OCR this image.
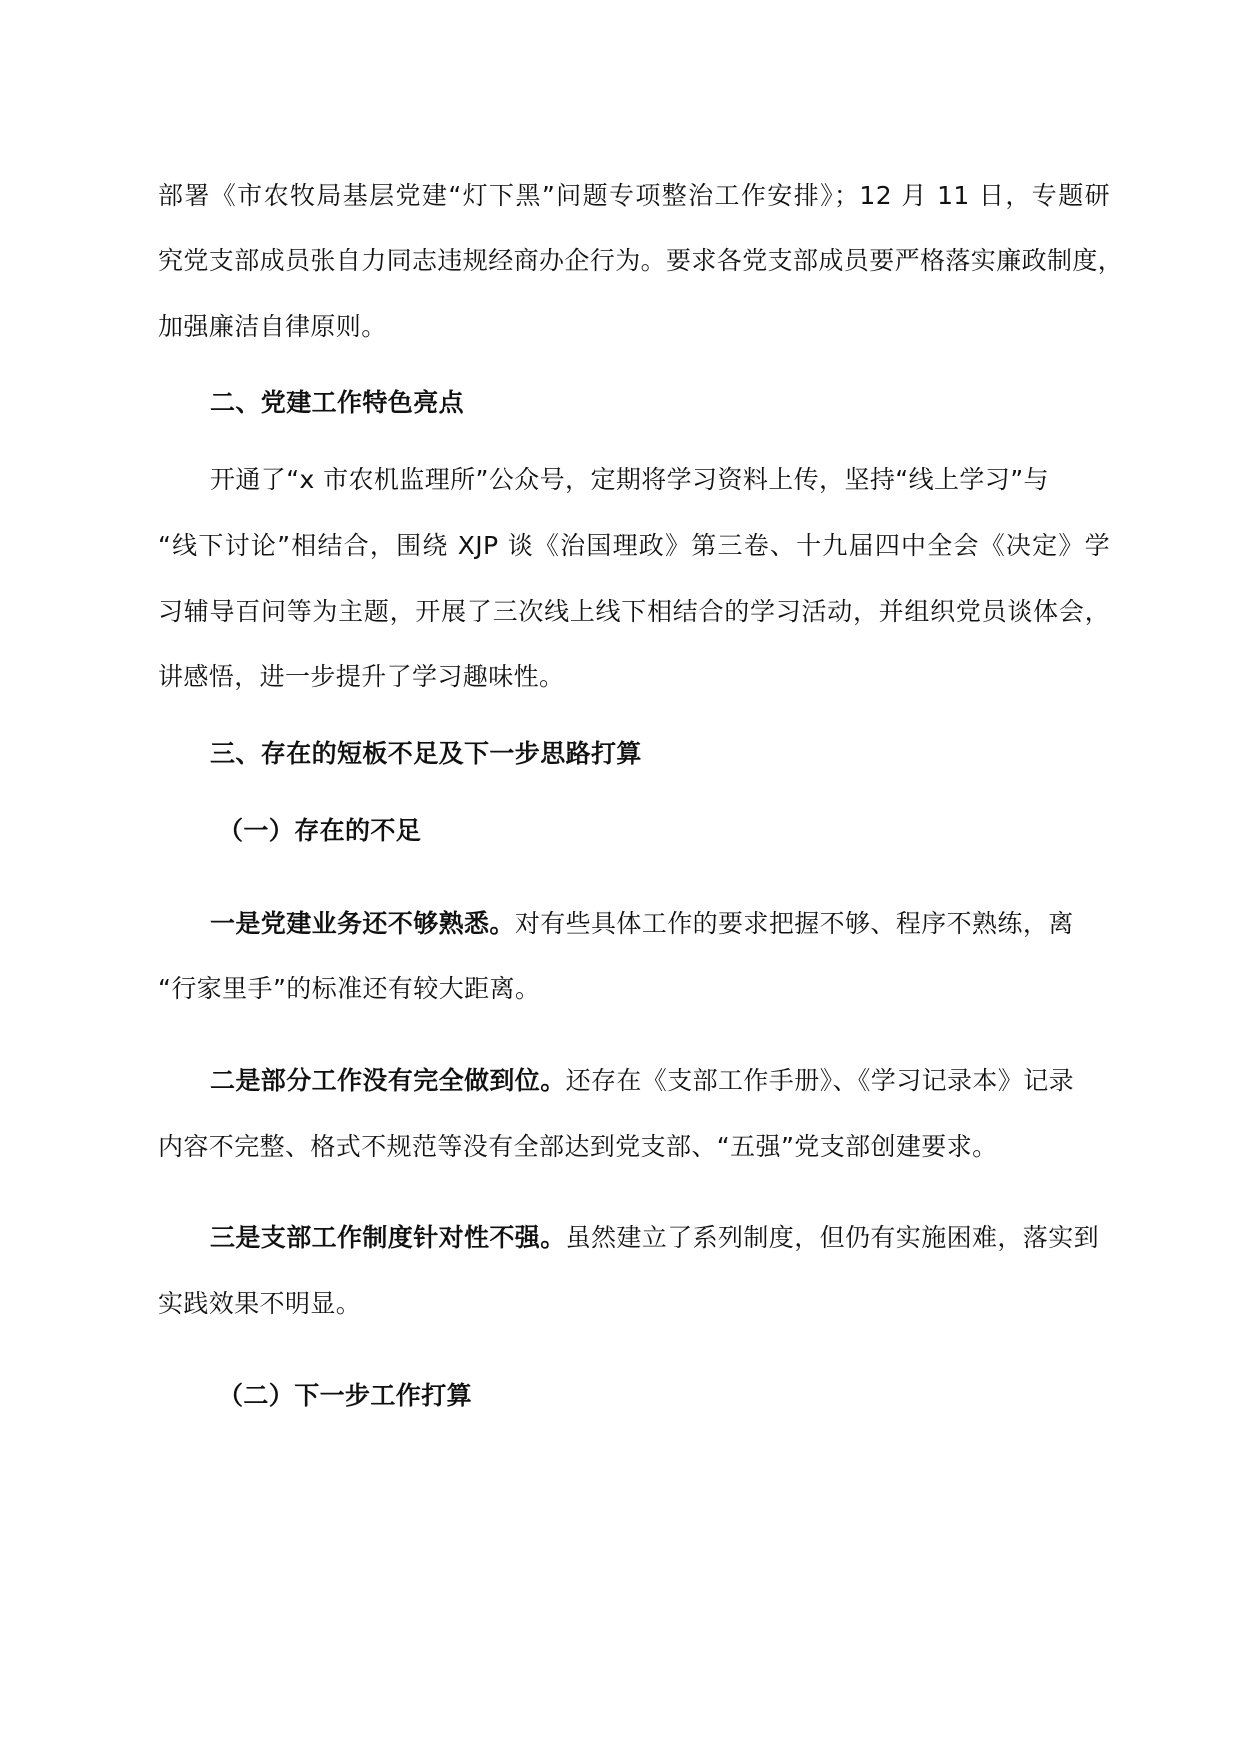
部署《市农牧局基层党建“灯下黑”问题专项整治工作安排》；12 月 11 日，专题研
究党支部成员张自力同志违规经商办企行为。要求各党支部成员要严格落实廉政制度，
加强廉洁自律原则。
二、党建工作特色亮点
开通了“x 市农机监理所”公众号，定期将学习资料上传，坚持“线上学习”与
“线下讨论”相结合，围绕 XJP 谈《治国理政》第三卷、十九届四中全会《决定》学
习辅导百问等为主题，开展了三次线上线下相结合的学习活动，并组织党员谈体会，
讲感悟，进一步提升了学习趣味性。
三、存在的短板不足及下一步思路打算
（一）存在的不足
一是党建业务还不够熟悉。对有些具体工作的要求把握不够、程序不熟练，离
“行家里手”的标准还有较大距离。
二是部分工作没有完全做到位。还存在《支部工作手册》、《学习记录本》记录
内容不完整、格式不规范等没有全部达到党支部、“五强”党支部创建要求。
三是支部工作制度针对性不强。虽然建立了系列制度，但仍有实施困难，落实到
实践效果不明显。
（二）下一步工作打算
